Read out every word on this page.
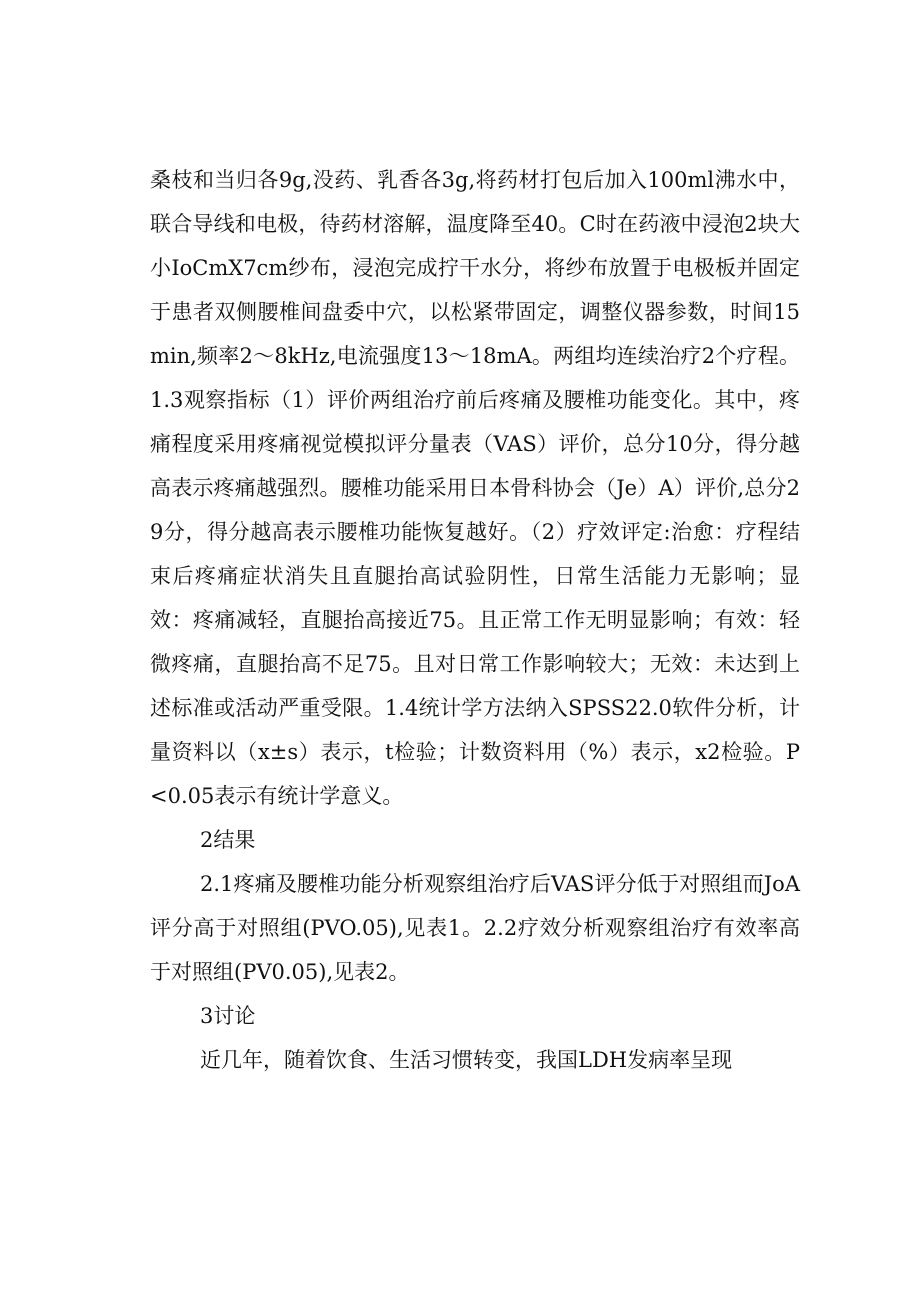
桑枝和当归各9g,没药、乳香各3g,将药材打包后加入100ml沸水中，联合导线和电极，待药材溶解，温度降至40。C时在药液中浸泡2块大小IoCmX7cm纱布，浸泡完成拧干水分，将纱布放置于电极板并固定于患者双侧腰椎间盘委中穴，以松紧带固定，调整仪器参数，时间15min,频率2～8kHz,电流强度13～18mA。两组均连续治疗2个疗程。1.3观察指标（1）评价两组治疗前后疼痛及腰椎功能变化。其中，疼痛程度采用疼痛视觉模拟评分量表（VAS）评价，总分10分，得分越高表示疼痛越强烈。腰椎功能采用日本骨科协会（Je）A）评价,总分29分，得分越高表示腰椎功能恢复越好。（2）疗效评定:治愈：疗程结束后疼痛症状消失且直腿抬高试验阴性，日常生活能力无影响；显效：疼痛减轻，直腿抬高接近75。且正常工作无明显影响；有效：轻微疼痛，直腿抬高不足75。且对日常工作影响较大；无效：未达到上述标准或活动严重受限。1.4统计学方法纳入SPSS22.0软件分析，计量资料以（x±s）表示，t检验；计数资料用（%）表示，x2检验。P<0.05表示有统计学意义。

2结果

2.1疼痛及腰椎功能分析观察组治疗后VAS评分低于对照组而JoA评分高于对照组(PVO.05),见表1。2.2疗效分析观察组治疗有效率高于对照组(PV0.05),见表2。

3讨论

近几年，随着饮食、生活习惯转变，我国LDH发病率呈现
